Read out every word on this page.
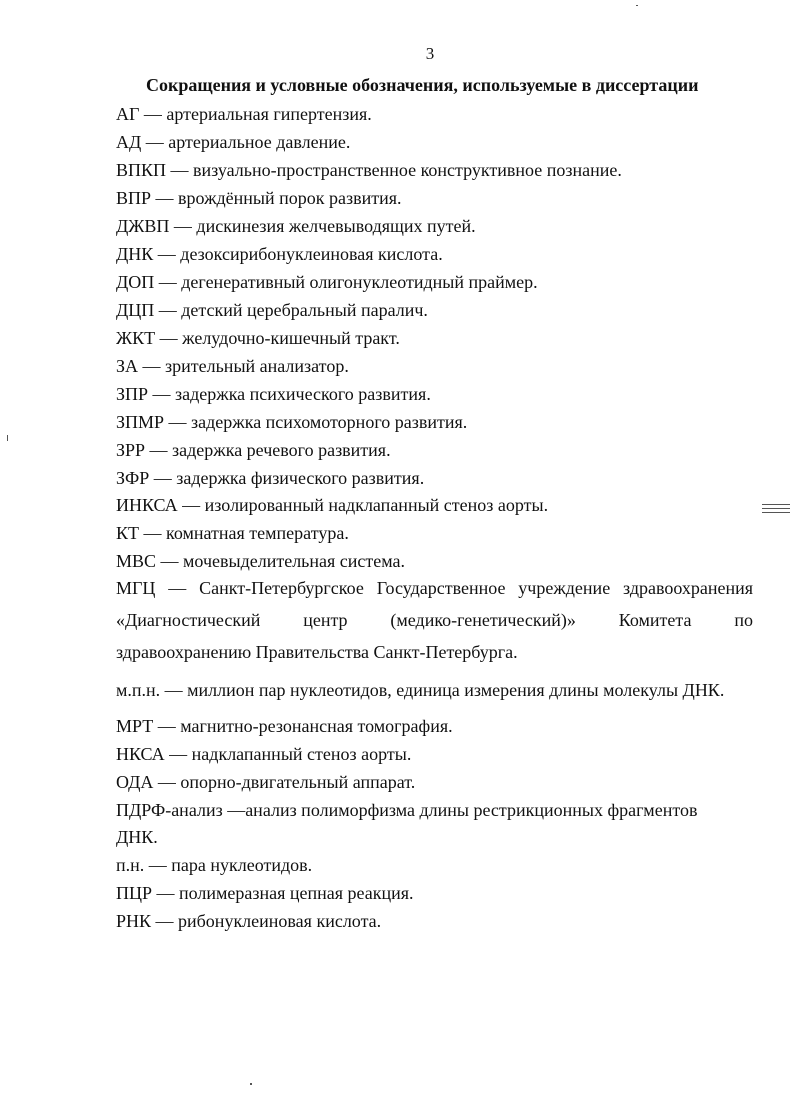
3
Сокращения и условные обозначения, используемые в диссертации
АГ — артериальная гипертензия.
АД — артериальное давление.
ВПКП — визуально-пространственное конструктивное познание.
ВПР — врождённый порок развития.
ДЖВП — дискинезия желчевыводящих путей.
ДНК — дезоксирибонуклеиновая кислота.
ДОП — дегенеративный олигонуклеотидный праймер.
ДЦП — детский церебральный паралич.
ЖКТ — желудочно-кишечный тракт.
ЗА — зрительный анализатор.
ЗПР — задержка психического развития.
ЗПМР — задержка психомоторного развития.
ЗРР — задержка речевого развития.
ЗФР — задержка физического развития.
ИНКСА — изолированный надклапанный стеноз аорты.
КТ — комнатная температура.
МВС — мочевыделительная система.
МГЦ — Санкт-Петербургское Государственное учреждение здравоохранения
«Диагностический центр (медико-генетический)» Комитета по
здравоохранению Правительства Санкт-Петербурга.
м.п.н. — миллион пар нуклеотидов, единица измерения длины молекулы ДНК.
МРТ — магнитно-резонансная томография.
НКСА — надклапанный стеноз аорты.
ОДА — опорно-двигательный аппарат.
ПДРФ-анализ —анализ полиморфизма длины рестрикционных фрагментов
ДНК.
п.н. — пара нуклеотидов.
ПЦР — полимеразная цепная реакция.
РНК — рибонуклеиновая кислота.
